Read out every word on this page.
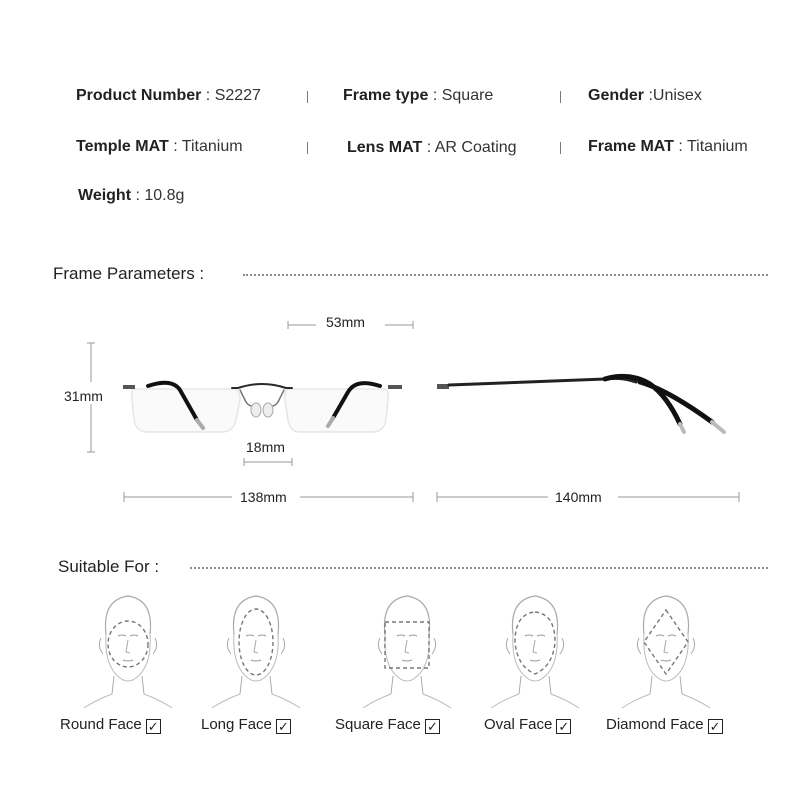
Product Number : S2227	Frame type : Square	Gender :Unisex
Temple MAT : Titanium	Lens MAT : AR Coating	Frame MAT : Titanium
Weight : 10.8g
Frame Parameters :
53mm
31mm
18mm
138mm	140mm
Suitable For :
Round Face ✓	Long Face ✓	Square Face ✓	Oval Face ✓ Diamond Face ✓
